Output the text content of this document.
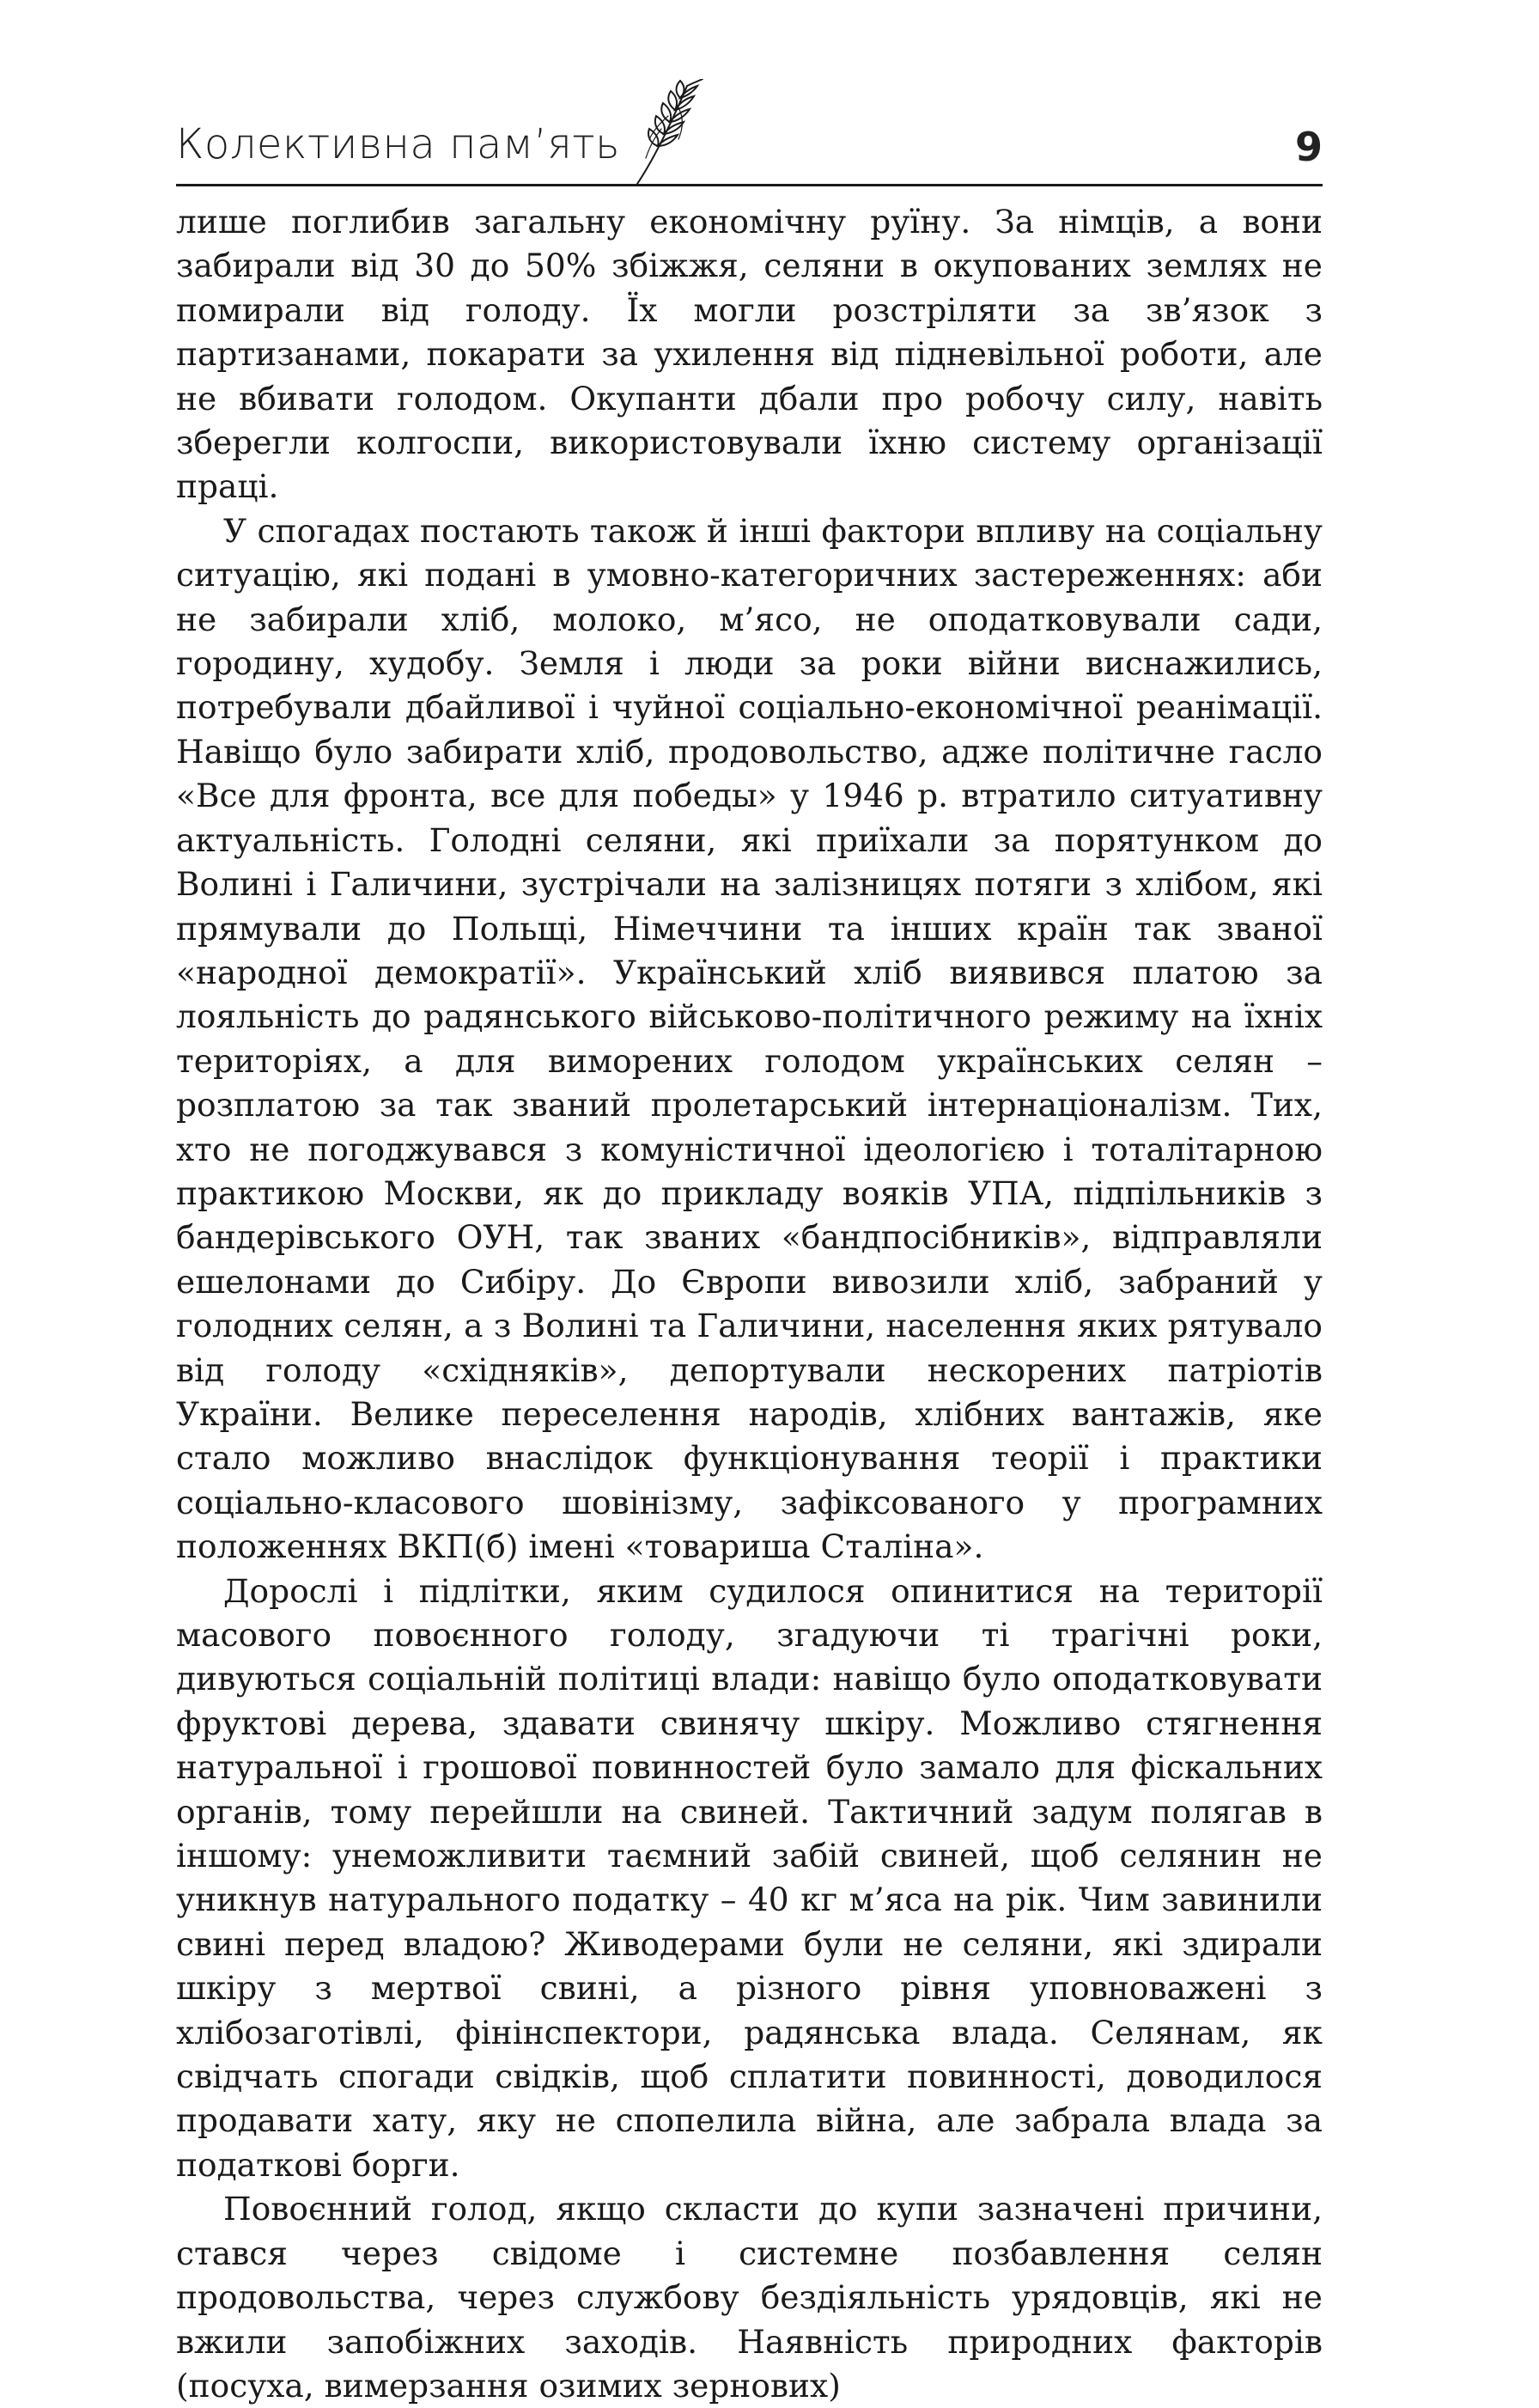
Колективна пам’ять	9

лише поглибив загальну економічну руїну. За німців, а вони забирали від 30 до 50% збіжжя, селяни в окупованих землях не помирали від голоду. Їх могли розстріляти за зв’язок з партизанами, покарати за ухилення від підневільної роботи, але не вбивати голодом. Окупанти дбали про робочу силу, навіть зберегли колгоспи, використовували їхню систему організації праці.

У спогадах постають також й інші фактори впливу на соціальну ситуацію, які подані в умовно-категоричних застереженнях: аби не забирали хліб, молоко, м’ясо, не оподатковували сади, городину, худобу. Земля і люди за роки війни виснажились, потребували дбайливої і чуйної соціально-економічної реанімації. Навіщо було забирати хліб, продовольство, адже політичне гасло «Все для фронта, все для победы» у 1946 р. втратило ситуативну актуальність. Голодні селяни, які приїхали за порятунком до Волині і Галичини, зустрічали на залізницях потяги з хлібом, які прямували до Польщі, Німеччини та інших країн так званої «народної демократії». Український хліб виявився платою за лояльність до радянського військово-політичного режиму на їхніх територіях, а для виморених голодом українських селян – розплатою за так званий пролетарський інтернаціоналізм. Тих, хто не погоджувався з комуністичної ідеологією і тоталітарною практикою Москви, як до прикладу вояків УПА, підпільників з бандерівського ОУН, так званих «бандпосібників», відправляли ешелонами до Сибіру. До Європи вивозили хліб, забраний у голодних селян, а з Волині та Галичини, населення яких рятувало від голоду «східняків», депортували нескорених патріотів України. Велике переселення народів, хлібних вантажів, яке стало можливо внаслідок функціонування теорії і практики соціально-класового шовінізму, зафіксованого у програмних положеннях ВКП(б) імені «товариша Сталіна».

Дорослі і підлітки, яким судилося опинитися на території масового повоєнного голоду, згадуючи ті трагічні роки, дивуються соціальній політиці влади: навіщо було оподатковувати фруктові дерева, здавати свинячу шкіру. Можливо стягнення натуральної і грошової повинностей було замало для фіскальних органів, тому перейшли на свиней. Тактичний задум полягав в іншому: унеможливити таємний забій свиней, щоб селянин не уникнув натурального податку – 40 кг м’яса на рік. Чим завинили свині перед владою? Живодерами були не селяни, які здирали шкіру з мертвої свині, а різного рівня уповноважені з хлібозаготівлі, фінінспектори, радянська влада. Селянам, як свідчать спогади свідків, щоб сплатити повинності, доводилося продавати хату, яку не спопелила війна, але забрала влада за податкові борги.

Повоєнний голод, якщо скласти до купи зазначені причини, стався через свідоме і системне позбавлення селян продовольства, через службову бездіяльність урядовців, які не вжили запобіжних заходів. Наявність природних факторів (посуха, вимерзання озимих зернових)
